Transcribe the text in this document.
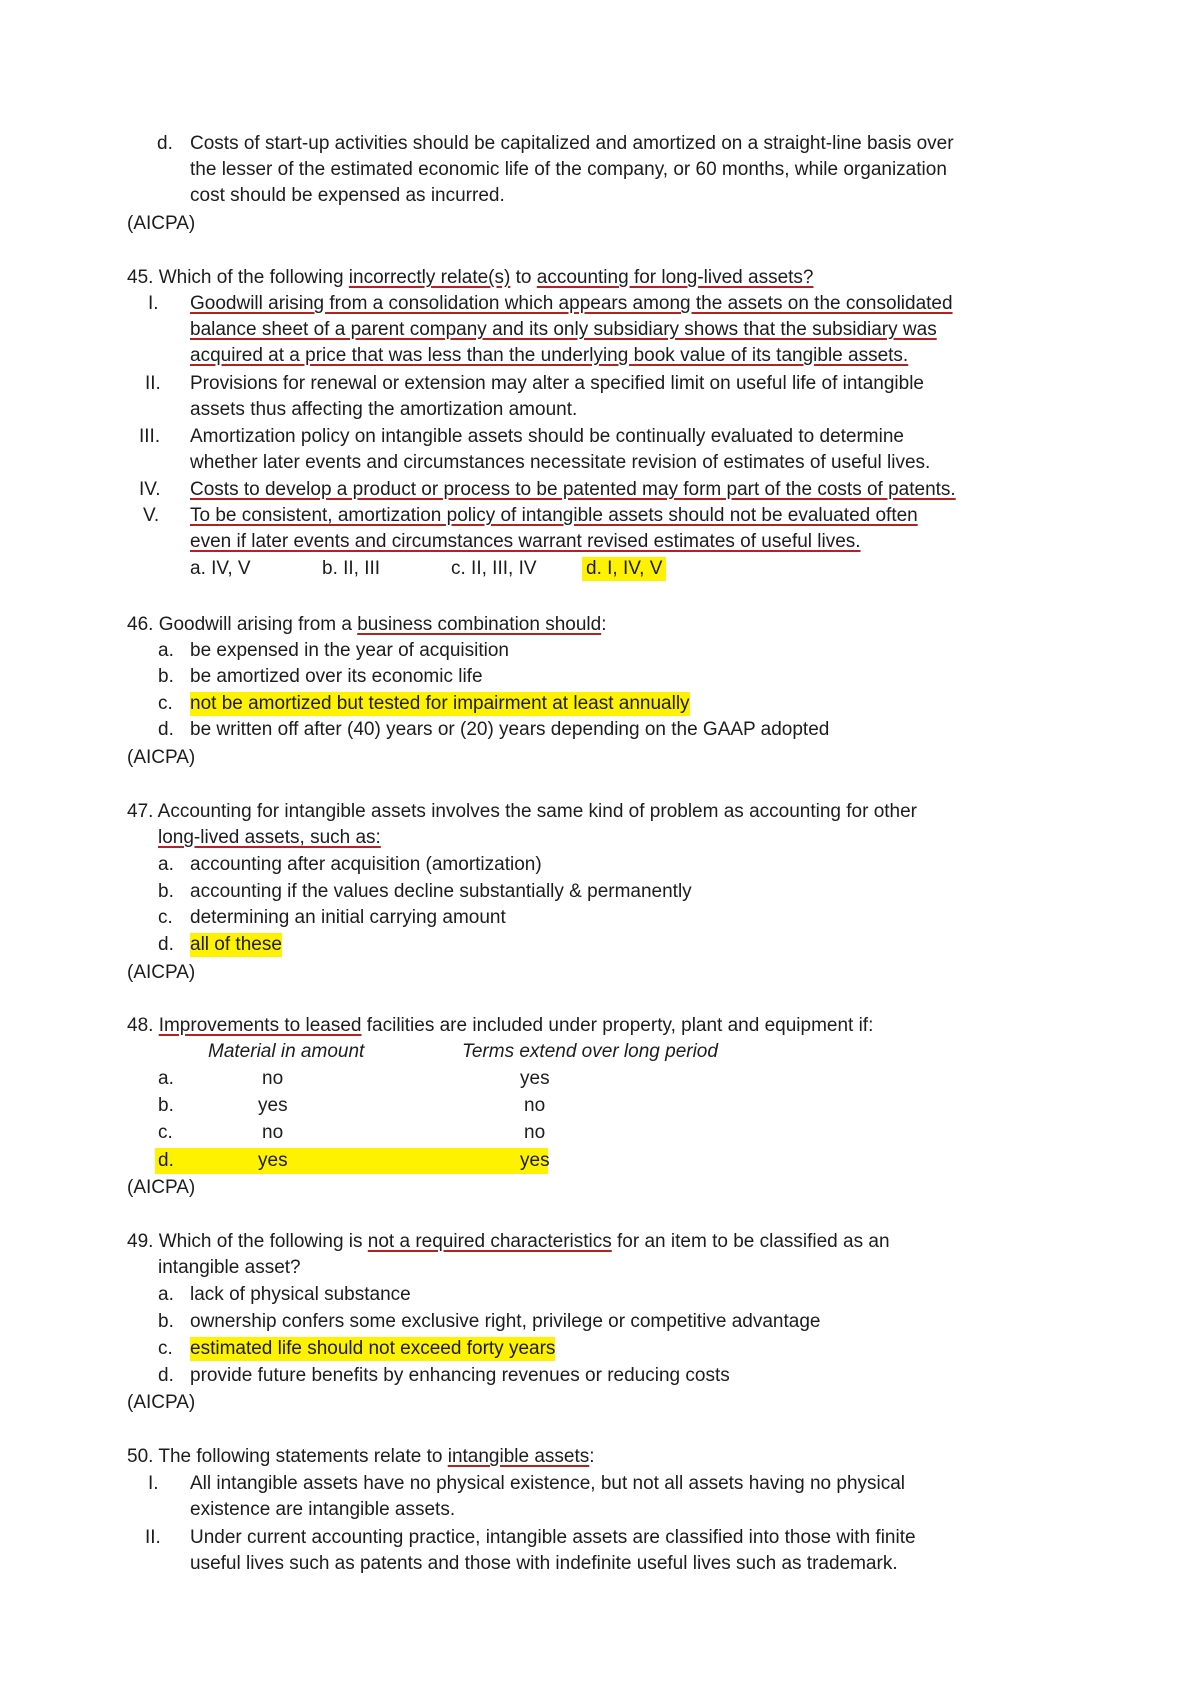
d. Costs of start-up activities should be capitalized and amortized on a straight-line basis over
the lesser of the estimated economic life of the company, or 60 months, while organization
cost should be expensed as incurred.
(AICPA)
45. Which of the following incorrectly relate(s) to accounting for long-lived assets?
I. Goodwill arising from a consolidation which appears among the assets on the consolidated
balance sheet of a parent company and its only subsidiary shows that the subsidiary was
acquired at a price that was less than the underlying book value of its tangible assets.
II. Provisions for renewal or extension may alter a specified limit on useful life of intangible
assets thus affecting the amortization amount.
III. Amortization policy on intangible assets should be continually evaluated to determine
whether later events and circumstances necessitate revision of estimates of useful lives.
IV. Costs to develop a product or process to be patented may form part of the costs of patents.
V. To be consistent, amortization policy of intangible assets should not be evaluated often
even if later events and circumstances warrant revised estimates of useful lives.
a. IV, V	b. II, III	c. II, III, IV	d. I, IV, V
46. Goodwill arising from a business combination should:
a. be expensed in the year of acquisition
b. be amortized over its economic life
c. not be amortized but tested for impairment at least annually
d. be written off after (40) years or (20) years depending on the GAAP adopted
(AICPA)
47. Accounting for intangible assets involves the same kind of problem as accounting for other
long-lived assets, such as:
a. accounting after acquisition (amortization)
b. accounting if the values decline substantially & permanently
c. determining an initial carrying amount
d. all of these
(AICPA)
48. Improvements to leased facilities are included under property, plant and equipment if:
Material in amount	Terms extend over long period
a.	no	yes
b.	yes	no
c.	no	no
d.	yes	yes
(AICPA)
49. Which of the following is not a required characteristics for an item to be classified as an
intangible asset?
a. lack of physical substance
b. ownership confers some exclusive right, privilege or competitive advantage
c. estimated life should not exceed forty years
d. provide future benefits by enhancing revenues or reducing costs
(AICPA)
50. The following statements relate to intangible assets:
I. All intangible assets have no physical existence, but not all assets having no physical
existence are intangible assets.
II. Under current accounting practice, intangible assets are classified into those with finite
useful lives such as patents and those with indefinite useful lives such as trademark.
